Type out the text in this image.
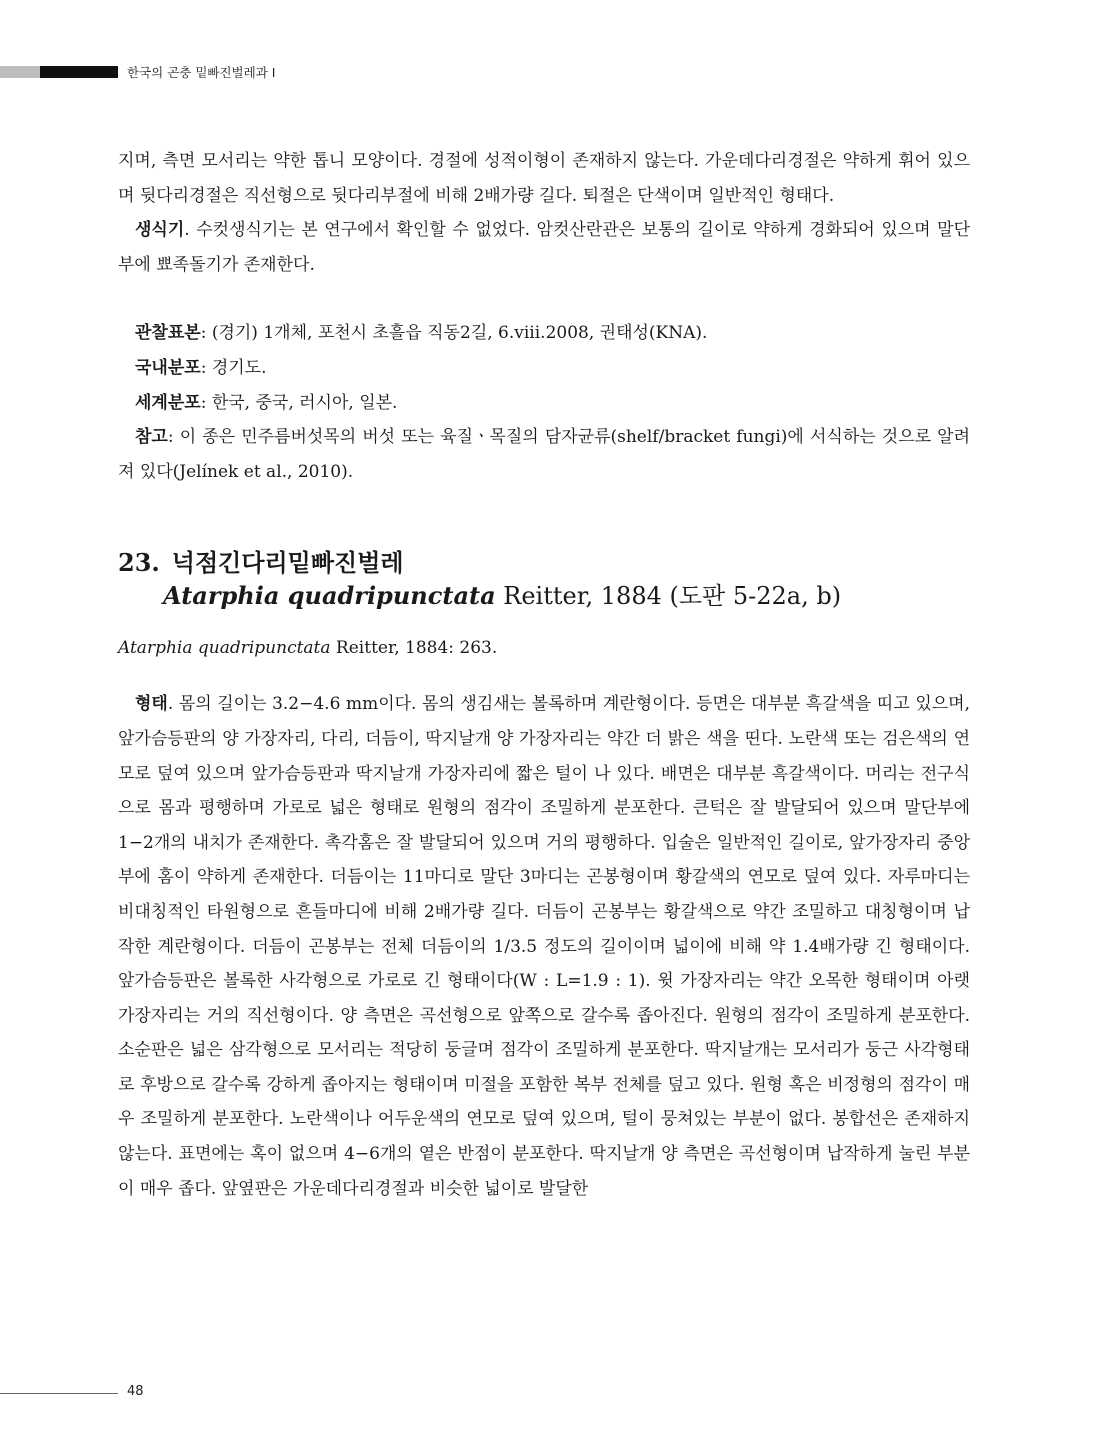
한국의 곤충 밑빠진벌레과 I

지며, 측면 모서리는 약한 톱니 모양이다. 경절에 성적이형이 존재하지 않는다. 가운데다리경절은 약하게 휘어 있으며 뒷다리경절은 직선형으로 뒷다리부절에 비해 2배가량 길다. 퇴절은 단색이며 일반적인 형태다.

생식기. 수컷생식기는 본 연구에서 확인할 수 없었다. 암컷산란관은 보통의 길이로 약하게 경화되어 있으며 말단부에 뾰족돌기가 존재한다.

관찰표본: (경기) 1개체, 포천시 초흘읍 직동2길, 6.viii.2008, 권태성(KNA).

국내분포: 경기도.

세계분포: 한국, 중국, 러시아, 일본.

참고: 이 종은 민주름버섯목의 버섯 또는 육질ㆍ목질의 담자균류(shelf/bracket fungi)에 서식하는 것으로 알려져 있다(Jelínek et al., 2010).

23. 넉점긴다리밑빠진벌레

Atarphia quadripunctata Reitter, 1884 (도판 5-22a, b)

Atarphia quadripunctata Reitter, 1884: 263.

형태. 몸의 길이는 3.2−4.6 mm이다. 몸의 생김새는 볼록하며 계란형이다. 등면은 대부분 흑갈색을 띠고 있으며, 앞가슴등판의 양 가장자리, 다리, 더듬이, 딱지날개 양 가장자리는 약간 더 밝은 색을 띤다. 노란색 또는 검은색의 연모로 덮여 있으며 앞가슴등판과 딱지날개 가장자리에 짧은 털이 나 있다. 배면은 대부분 흑갈색이다. 머리는 전구식으로 몸과 평행하며 가로로 넓은 형태로 원형의 점각이 조밀하게 분포한다. 큰턱은 잘 발달되어 있으며 말단부에 1−2개의 내치가 존재한다. 촉각홈은 잘 발달되어 있으며 거의 평행하다. 입술은 일반적인 길이로, 앞가장자리 중앙부에 홈이 약하게 존재한다. 더듬이는 11마디로 말단 3마디는 곤봉형이며 황갈색의 연모로 덮여 있다. 자루마디는 비대칭적인 타원형으로 흔들마디에 비해 2배가량 길다. 더듬이 곤봉부는 황갈색으로 약간 조밀하고 대칭형이며 납작한 계란형이다. 더듬이 곤봉부는 전체 더듬이의 1/3.5 정도의 길이이며 넓이에 비해 약 1.4배가량 긴 형태이다. 앞가슴등판은 볼록한 사각형으로 가로로 긴 형태이다(W : L=1.9 : 1). 윗 가장자리는 약간 오목한 형태이며 아랫 가장자리는 거의 직선형이다. 양 측면은 곡선형으로 앞쪽으로 갈수록 좁아진다. 원형의 점각이 조밀하게 분포한다. 소순판은 넓은 삼각형으로 모서리는 적당히 둥글며 점각이 조밀하게 분포한다. 딱지날개는 모서리가 둥근 사각형태로 후방으로 갈수록 강하게 좁아지는 형태이며 미절을 포함한 복부 전체를 덮고 있다. 원형 혹은 비정형의 점각이 매우 조밀하게 분포한다. 노란색이나 어두운색의 연모로 덮여 있으며, 털이 뭉쳐있는 부분이 없다. 봉합선은 존재하지 않는다. 표면에는 혹이 없으며 4−6개의 옅은 반점이 분포한다. 딱지날개 양 측면은 곡선형이며 납작하게 눌린 부분이 매우 좁다. 앞옆판은 가운데다리경절과 비슷한 넓이로 발달한

48
